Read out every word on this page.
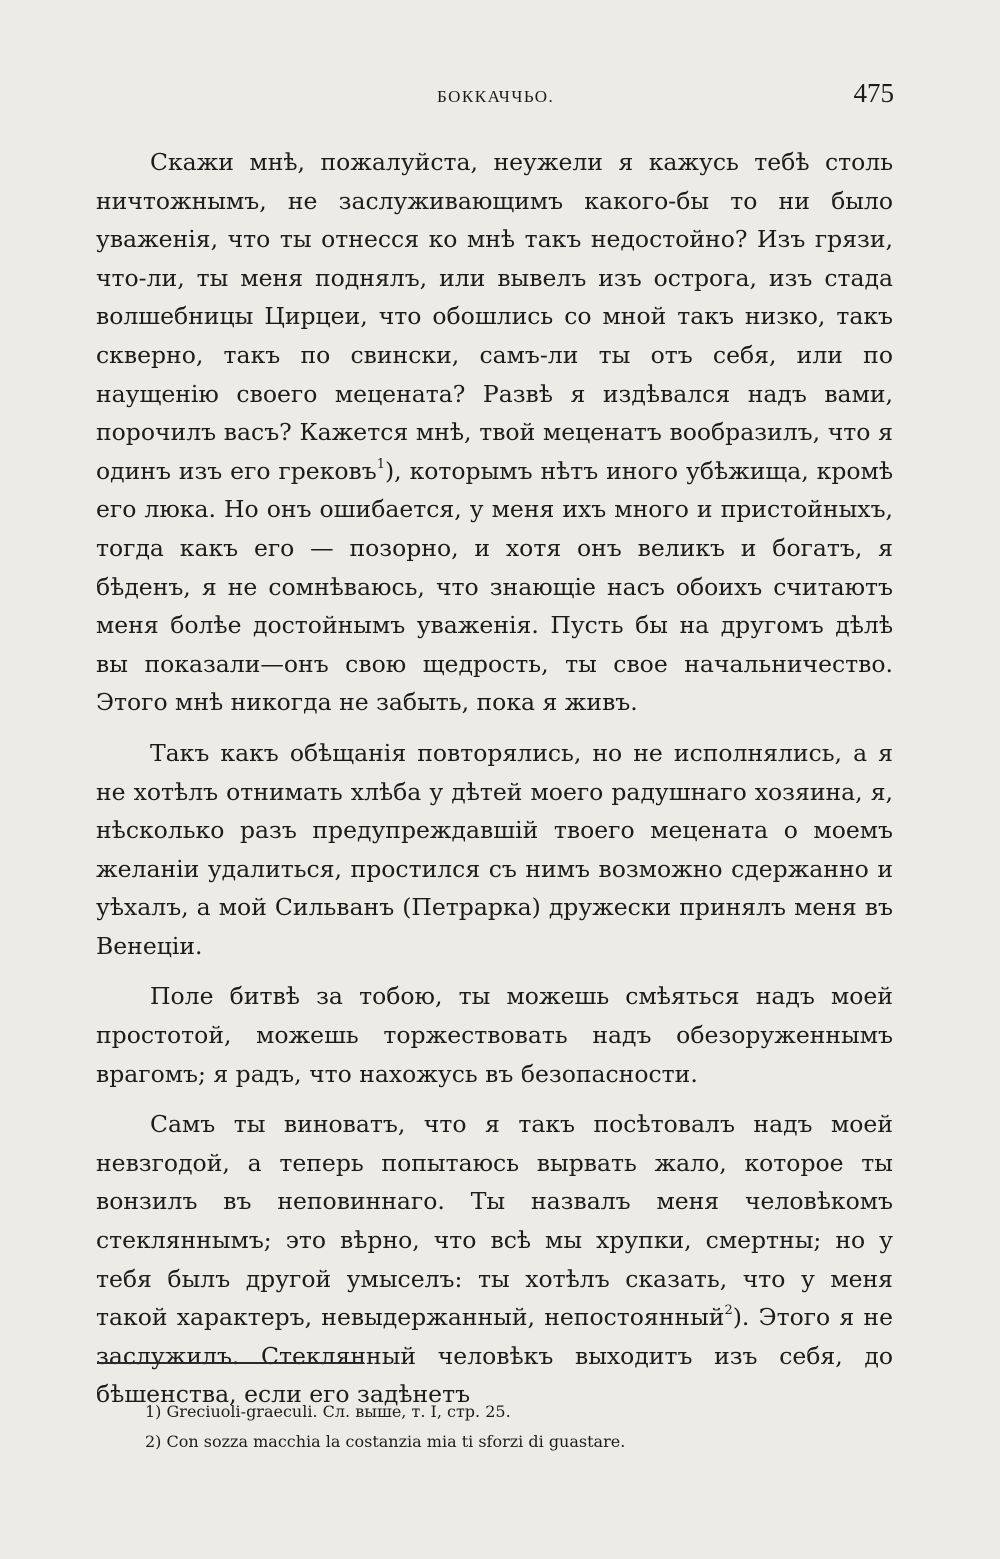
БОККАЧЧЬО.	475

Скажи мнѣ, пожалуйста, неужели я кажусь тебѣ столь ничтожнымъ, не заслуживающимъ какого-бы то ни было уваженія, что ты отнесся ко мнѣ такъ недостойно? Изъ грязи, что-ли, ты меня поднялъ, или вывелъ изъ острога, изъ стада волшебницы Цирцеи, что обошлись со мной такъ низко, такъ скверно, такъ по свински, самъ-ли ты отъ себя, или по наущенію своего мецената? Развѣ я издѣвался надъ вами, порочилъ васъ? Кажется мнѣ, твой меценатъ вообразилъ, что я одинъ изъ его грековъ$^1$), которымъ нѣтъ иного убѣжища, кромѣ его люка. Но онъ ошибается, у меня ихъ много и пристойныхъ, тогда какъ его — позорно, и хотя онъ великъ и богатъ, я бѣденъ, я не сомнѣваюсь, что знающіе насъ обоихъ считаютъ меня болѣе достойнымъ уваженія. Пусть бы на другомъ дѣлѣ вы показали—онъ свою щедрость, ты свое начальничество. Этого мнѣ никогда не забыть, пока я живъ.

Такъ какъ обѣщанія повторялись, но не исполнялись, а я не хотѣлъ отнимать хлѣба у дѣтей моего радушнаго хозяина, я, нѣсколько разъ предупреждавшій твоего мецената о моемъ желаніи удалиться, простился съ нимъ возможно сдержанно и уѣхалъ, а мой Сильванъ (Петрарка) дружески принялъ меня въ Венеціи.

Поле битвѣ за тобою, ты можешь смѣяться надъ моей простотой, можешь торжествовать надъ обезоруженнымъ врагомъ; я радъ, что нахожусь въ безопасности.

Самъ ты виноватъ, что я такъ посѣтовалъ надъ моей невзгодой, а теперь попытаюсь вырвать жало, которое ты вонзилъ въ неповиннаго. Ты назвалъ меня человѣкомъ стекляннымъ; это вѣрно, что всѣ мы хрупки, смертны; но у тебя былъ другой умыселъ: ты хотѣлъ сказать, что у меня такой характеръ, невыдержанный, непостоянный$^2$). Этого я не заслужилъ. Стеклянный человѣкъ выходитъ изъ себя, до бѣшенства, если его задѣнетъ

1) Greciuoli-graeculi. Сл. выше, т. I, стр. 25.

2) Con sozza macchia la costanzia mia ti sforzi di guastare.
